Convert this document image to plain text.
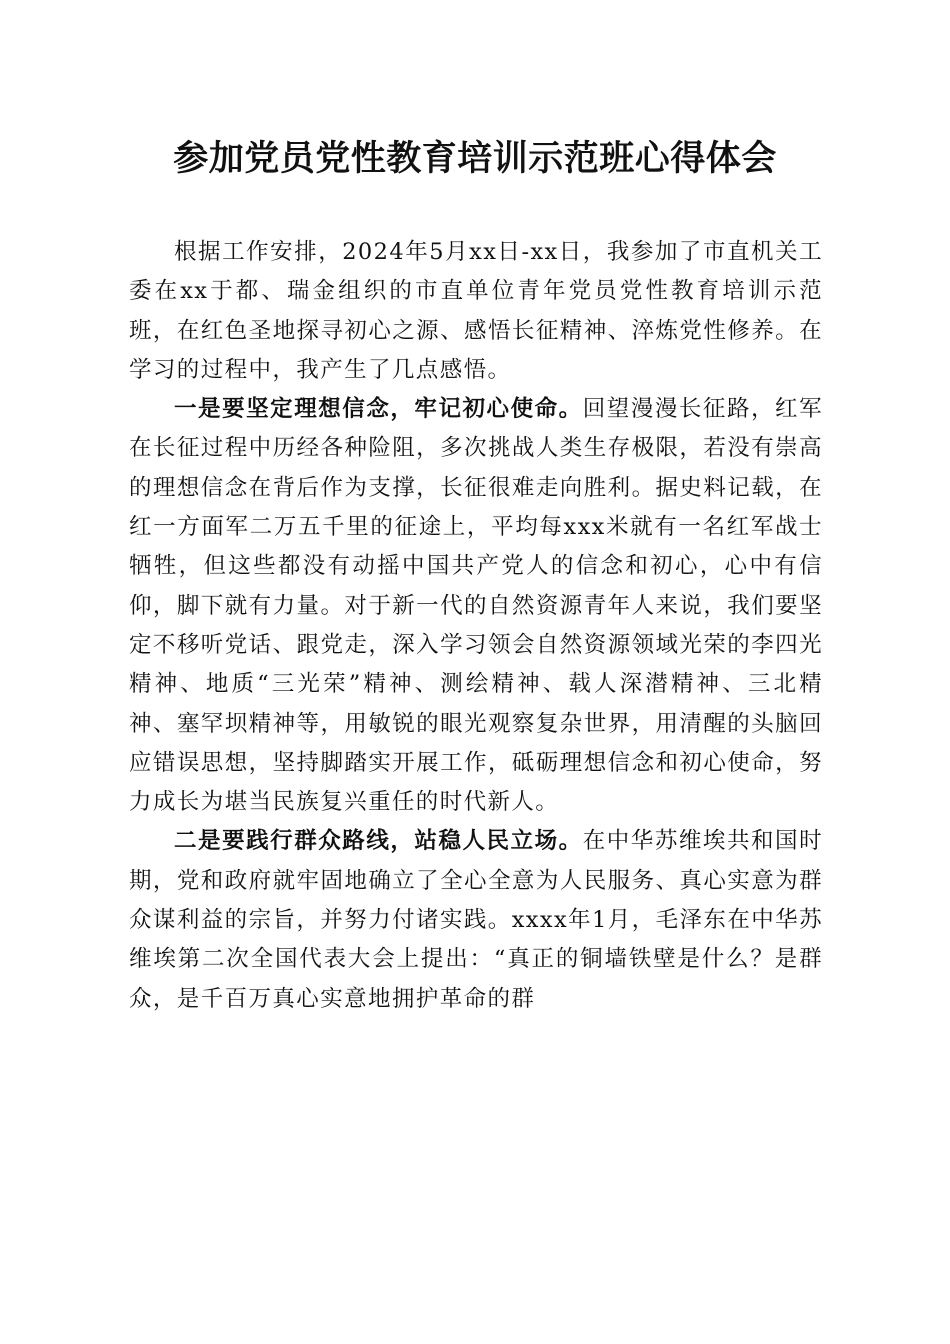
参加党员党性教育培训示范班心得体会

根据工作安排，2024年5月xx日-xx日，我参加了市直机关工委在xx于都、瑞金组织的市直单位青年党员党性教育培训示范班，在红色圣地探寻初心之源、感悟长征精神、淬炼党性修养。在学习的过程中，我产生了几点感悟。

一是要坚定理想信念，牢记初心使命。回望漫漫长征路，红军在长征过程中历经各种险阻，多次挑战人类生存极限，若没有崇高的理想信念在背后作为支撑，长征很难走向胜利。据史料记载，在红一方面军二万五千里的征途上，平均每xxx米就有一名红军战士牺牲，但这些都没有动摇中国共产党人的信念和初心，心中有信仰，脚下就有力量。对于新一代的自然资源青年人来说，我们要坚定不移听党话、跟党走，深入学习领会自然资源领域光荣的李四光精神、地质“三光荣”精神、测绘精神、载人深潜精神、三北精神、塞罕坝精神等，用敏锐的眼光观察复杂世界，用清醒的头脑回应错误思想，坚持脚踏实开展工作，砥砺理想信念和初心使命，努力成长为堪当民族复兴重任的时代新人。

二是要践行群众路线，站稳人民立场。在中华苏维埃共和国时期，党和政府就牢固地确立了全心全意为人民服务、真心实意为群众谋利益的宗旨，并努力付诸实践。xxxx年1月，毛泽东在中华苏维埃第二次全国代表大会上提出：“真正的铜墙铁壁是什么？是群众，是千百万真心实意地拥护革命的群
